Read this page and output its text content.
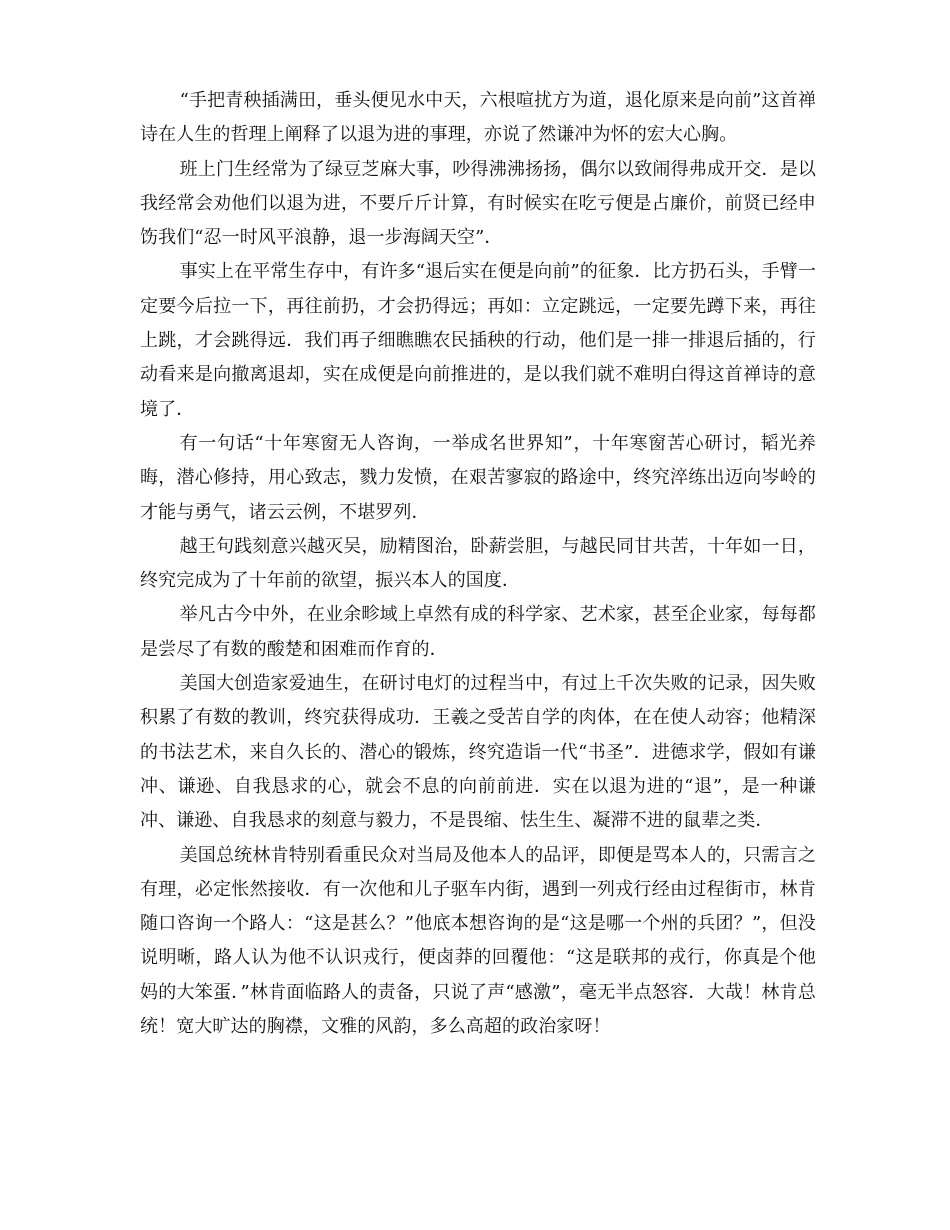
“手把青秧插满田，垂头便见水中天，六根喧扰方为道，退化原来是向前”这首禅诗在人生的哲理上阐释了以退为进的事理，亦说了然谦冲为怀的宏大心胸。

班上门生经常为了绿豆芝麻大事，吵得沸沸扬扬，偶尔以致闹得弗成开交．是以我经常会劝他们以退为进，不要斤斤计算，有时候实在吃亏便是占廉价，前贤已经申饬我们“忍一时风平浪静，退一步海阔天空”．

事实上在平常生存中，有许多“退后实在便是向前”的征象．比方扔石头，手臂一定要今后拉一下，再往前扔，才会扔得远；再如：立定跳远，一定要先蹲下来，再往上跳，才会跳得远．我们再子细瞧瞧农民插秧的行动，他们是一排一排退后插的，行动看来是向撤离退却，实在成便是向前推进的，是以我们就不难明白得这首禅诗的意境了．

有一句话“十年寒窗无人咨询，一举成名世界知”，十年寒窗苦心研讨，韬光养晦，潜心修持，用心致志，戮力发愤，在艰苦寥寂的路途中，终究淬练出迈向岑岭的才能与勇气，诸云云例，不堪罗列．

越王句践刻意兴越灭吴，励精图治，卧薪尝胆，与越民同甘共苦，十年如一日，终究完成为了十年前的欲望，振兴本人的国度．

举凡古今中外，在业余畛域上卓然有成的科学家、艺术家，甚至企业家，每每都是尝尽了有数的酸楚和困难而作育的．

美国大创造家爱迪生，在研讨电灯的过程当中，有过上千次失败的记录，因失败积累了有数的教训，终究获得成功．王羲之受苦自学的肉体，在在使人动容；他精深的书法艺术，来自久长的、潜心的锻炼，终究造诣一代“书圣”．进德求学，假如有谦冲、谦逊、自我恳求的心，就会不息的向前前进．实在以退为进的“退”，是一种谦冲、谦逊、自我恳求的刻意与毅力，不是畏缩、怯生生、凝滞不进的鼠辈之类．

美国总统林肯特别看重民众对当局及他本人的品评，即便是骂本人的，只需言之有理，必定怅然接收．有一次他和儿子驱车内街，遇到一列戎行经由过程街市，林肯随口咨询一个路人：“这是甚么？”他底本想咨询的是“这是哪一个州的兵团？”，但没说明晰，路人认为他不认识戎行，便卤莽的回覆他：“这是联邦的戎行，你真是个他妈的大笨蛋．”林肯面临路人的责备，只说了声“感激”，毫无半点怒容．大哉！林肯总统！宽大旷达的胸襟，文雅的风韵，多么高超的政治家呀！
